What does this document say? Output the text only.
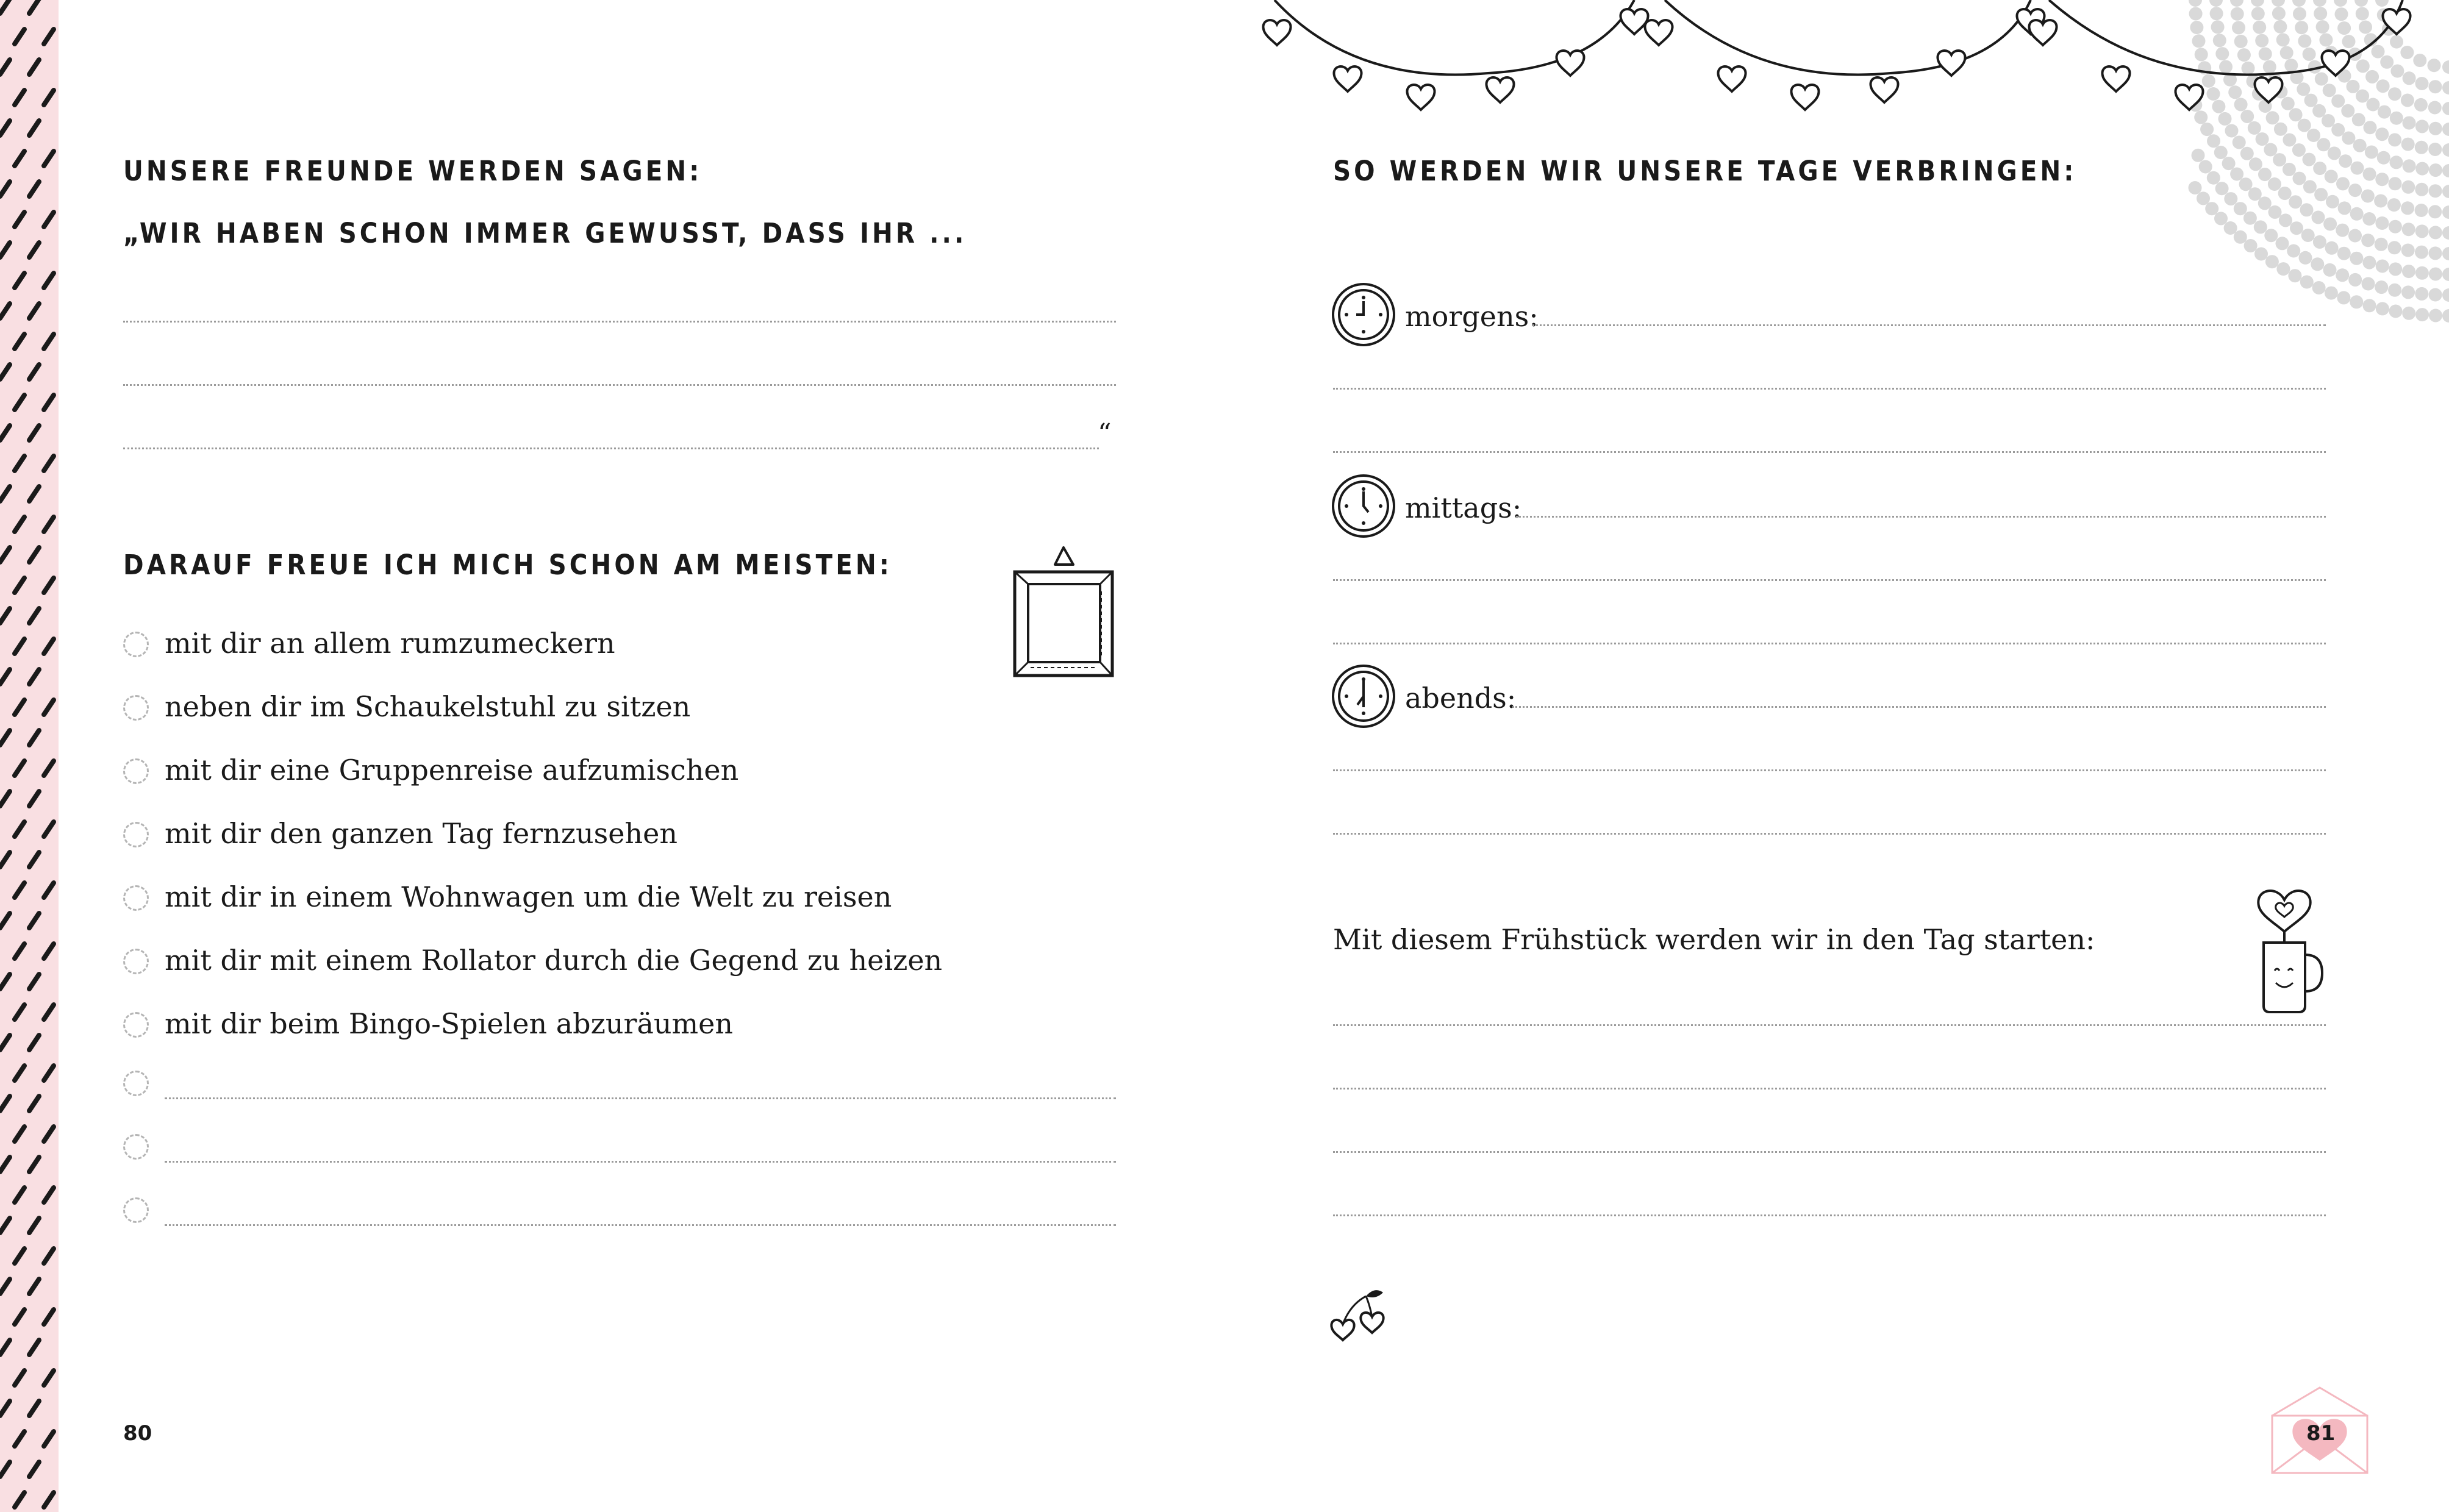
UNSERE FREUNDE WERDEN SAGEN:
„WIR HABEN SCHON IMMER GEWUSST, DASS IHR ...
“
DARAUF FREUE ICH MICH SCHON AM MEISTEN:
mit dir an allem rumzumeckern
neben dir im Schaukelstuhl zu sitzen
mit dir eine Gruppenreise aufzumischen
mit dir den ganzen Tag fernzusehen
mit dir in einem Wohnwagen um die Welt zu reisen
mit dir mit einem Rollator durch die Gegend zu heizen
mit dir beim Bingo-Spielen abzuräumen
80
SO WERDEN WIR UNSERE TAGE VERBRINGEN:
morgens:
mittags:
abends:
Mit diesem Frühstück werden wir in den Tag starten:
81
